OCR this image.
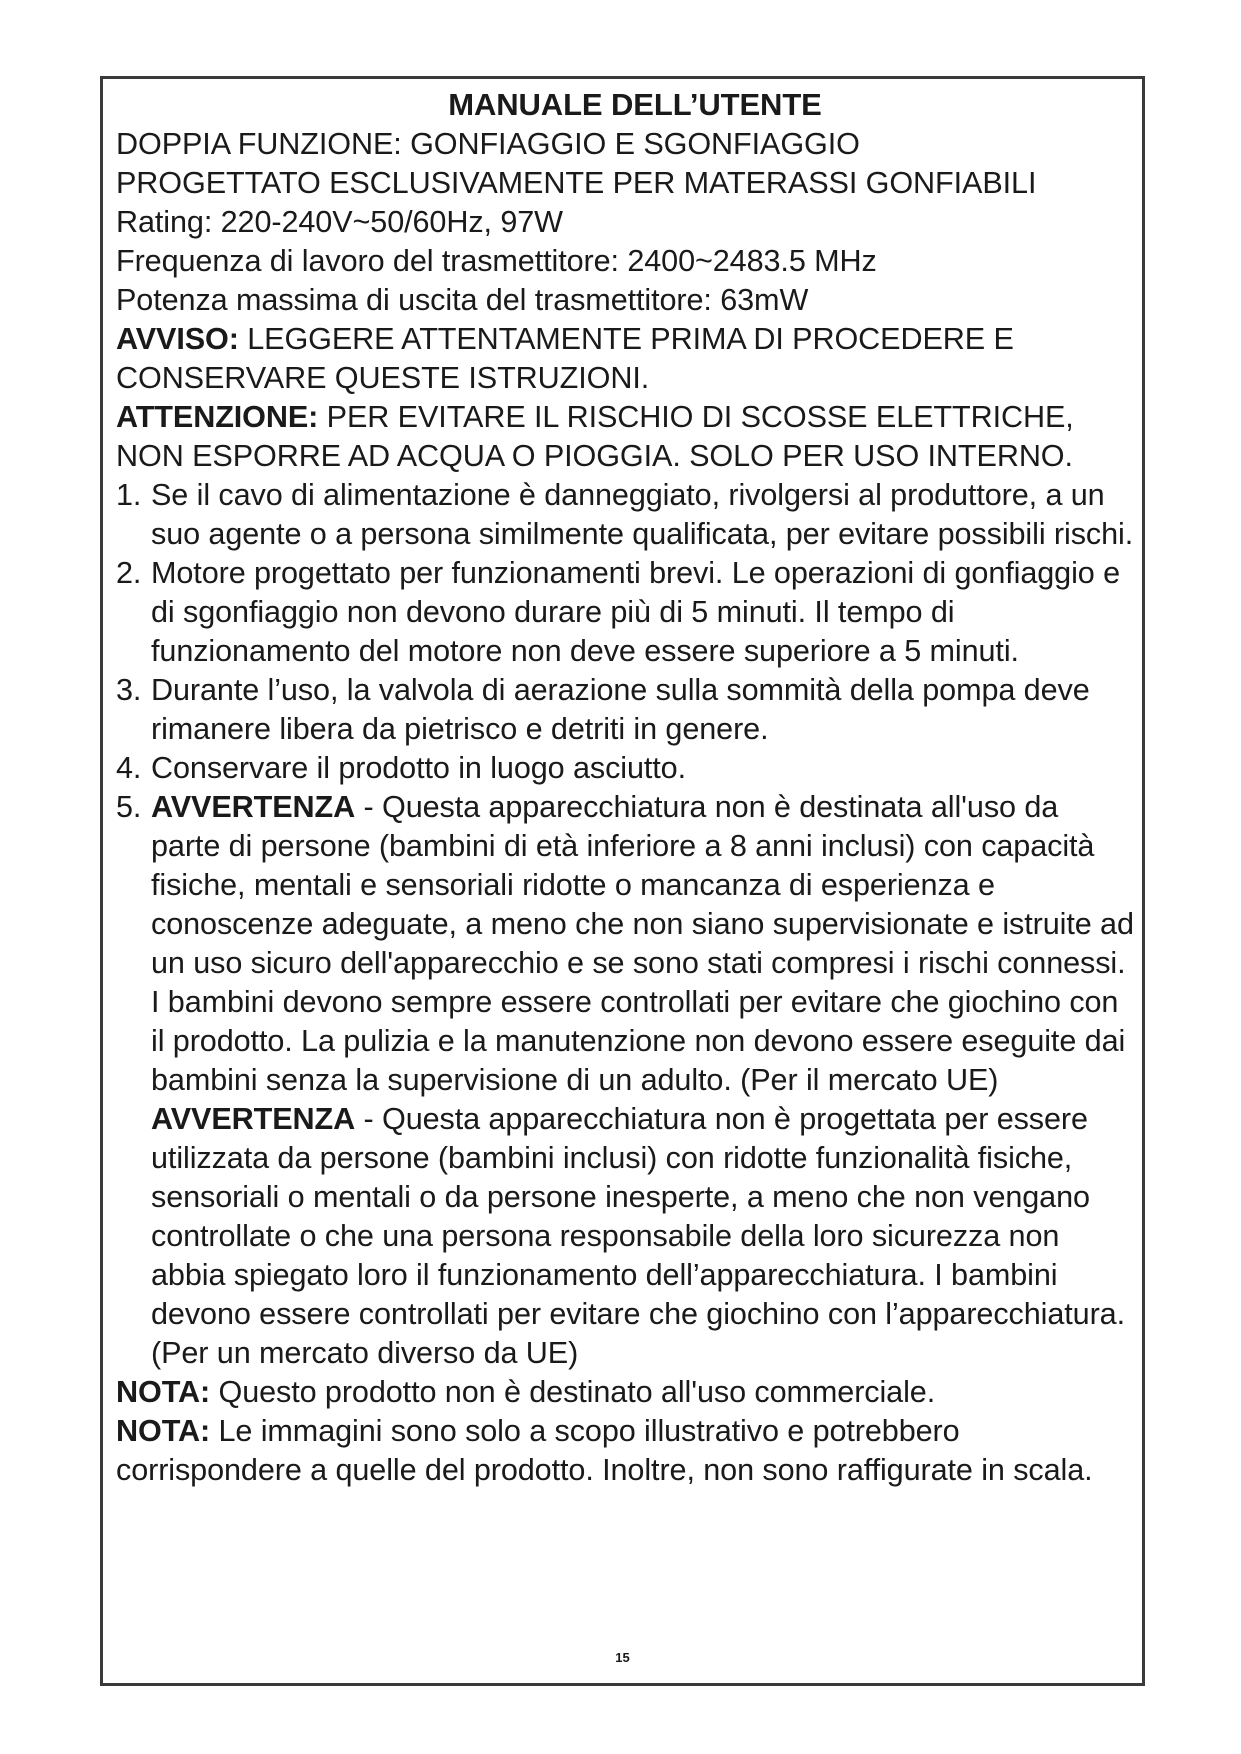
MANUALE DELL’UTENTE
DOPPIA FUNZIONE: GONFIAGGIO E SGONFIAGGIO
PROGETTATO ESCLUSIVAMENTE PER MATERASSI GONFIABILI
Rating: 220-240V~50/60Hz, 97W
Frequenza di lavoro del trasmettitore: 2400~2483.5 MHz
Potenza massima di uscita del trasmettitore: 63mW
AVVISO: LEGGERE ATTENTAMENTE PRIMA DI PROCEDERE E CONSERVARE QUESTE ISTRUZIONI.
ATTENZIONE: PER EVITARE IL RISCHIO DI SCOSSE ELETTRICHE, NON ESPORRE AD ACQUA O PIOGGIA. SOLO PER USO INTERNO.
1. Se il cavo di alimentazione è danneggiato, rivolgersi al produttore, a un suo agente o a persona similmente qualificata, per evitare possibili rischi.
2. Motore progettato per funzionamenti brevi. Le operazioni di gonfiaggio e di sgonfiaggio non devono durare più di 5 minuti. Il tempo di funzionamento del motore non deve essere superiore a 5 minuti.
3. Durante l’uso, la valvola di aerazione sulla sommità della pompa deve rimanere libera da pietrisco e detriti in genere.
4. Conservare il prodotto in luogo asciutto.
5. AVVERTENZA - Questa apparecchiatura non è destinata all'uso da parte di persone (bambini di età inferiore a 8 anni inclusi) con capacità fisiche, mentali e sensoriali ridotte o mancanza di esperienza e conoscenze adeguate, a meno che non siano supervisionate e istruite ad un uso sicuro dell'apparecchio e se sono stati compresi i rischi connessi. I bambini devono sempre essere controllati per evitare che giochino con il prodotto. La pulizia e la manutenzione non devono essere eseguite dai bambini senza la supervisione di un adulto. (Per il mercato UE)
AVVERTENZA - Questa apparecchiatura non è progettata per essere utilizzata da persone (bambini inclusi) con ridotte funzionalità fisiche, sensoriali o mentali o da persone inesperte, a meno che non vengano controllate o che una persona responsabile della loro sicurezza non abbia spiegato loro il funzionamento dell’apparecchiatura. I bambini devono essere controllati per evitare che giochino con l’apparecchiatura. (Per un mercato diverso da UE)
NOTA: Questo prodotto non è destinato all'uso commerciale.
NOTA: Le immagini sono solo a scopo illustrativo e potrebbero corrispondere a quelle del prodotto. Inoltre, non sono raffigurate in scala.
15
